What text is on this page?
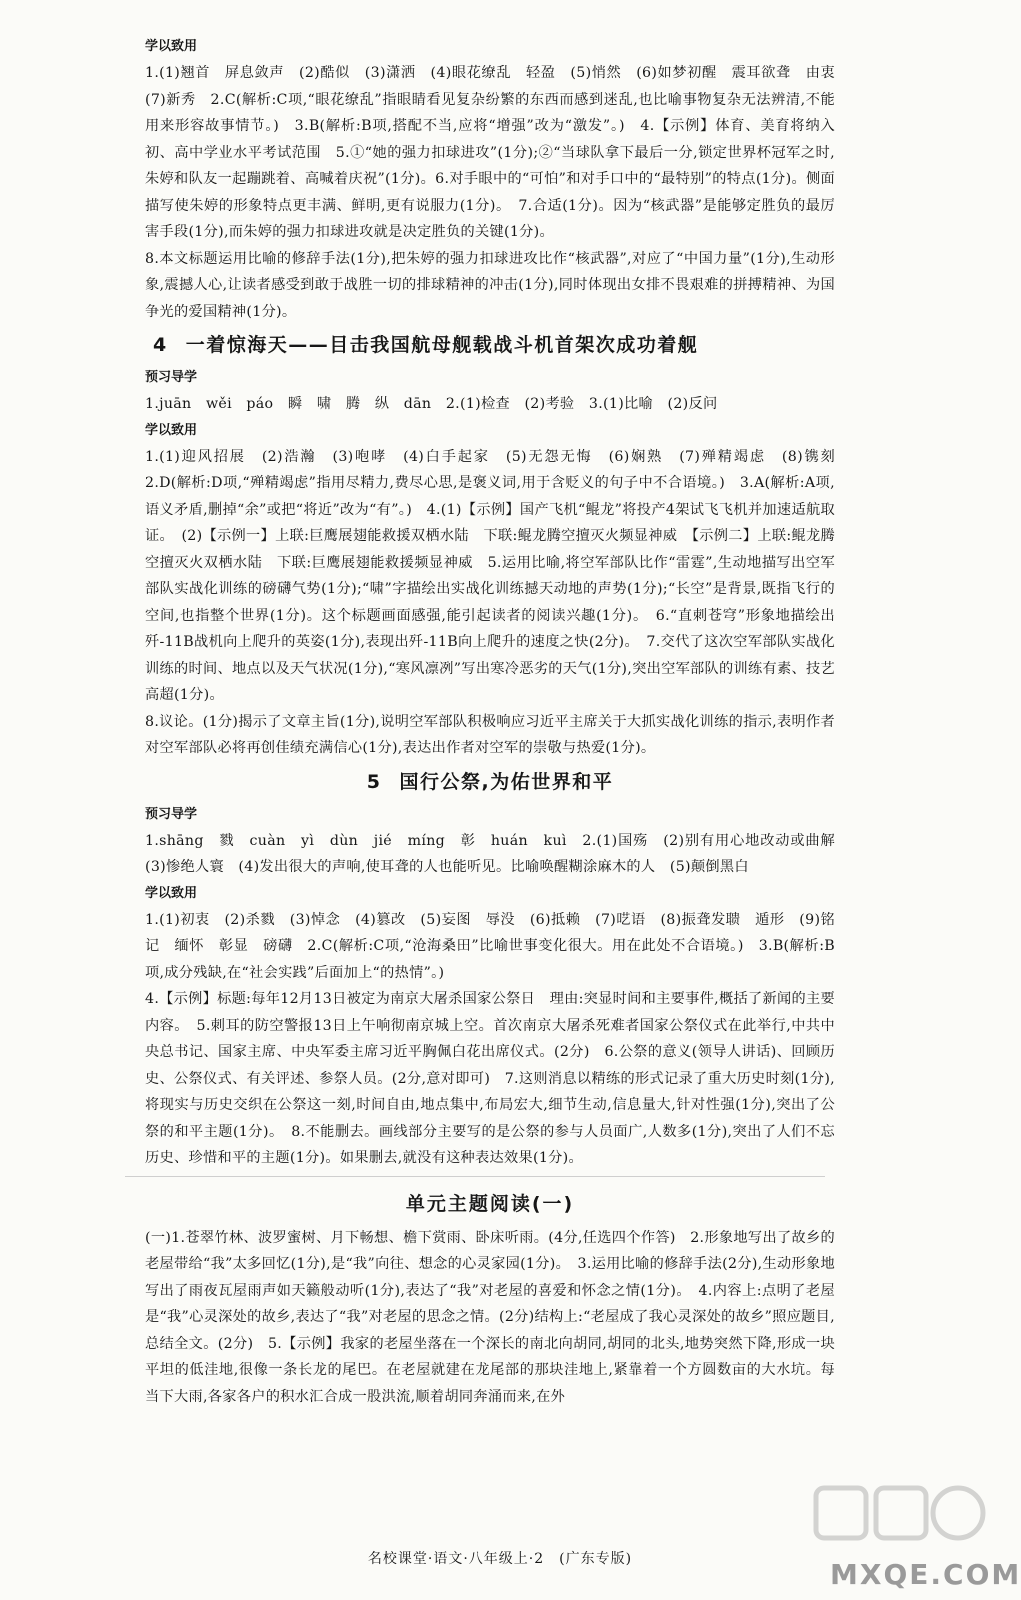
学以致用

1.(1)翘首　屏息敛声　(2)酷似　(3)潇洒　(4)眼花缭乱　轻盈　(5)悄然　(6)如梦初醒　震耳欲聋　由衷　(7)新秀　2.C(解析:C项,“眼花缭乱”指眼睛看见复杂纷繁的东西而感到迷乱,也比喻事物复杂无法辨清,不能用来形容故事情节。)　3.B(解析:B项,搭配不当,应将“增强”改为“激发”。)　4.【示例】体育、美育将纳入初、高中学业水平考试范围　5.①“她的强力扣球进攻”(1分);②“当球队拿下最后一分,锁定世界杯冠军之时,朱婷和队友一起蹦跳着、高喊着庆祝”(1分)。6.对手眼中的“可怕”和对手口中的“最特别”的特点(1分)。侧面描写使朱婷的形象特点更丰满、鲜明,更有说服力(1分)。　7.合适(1分)。因为“核武器”是能够定胜负的最厉害手段(1分),而朱婷的强力扣球进攻就是决定胜负的关键(1分)。

8.本文标题运用比喻的修辞手法(1分),把朱婷的强力扣球进攻比作“核武器”,对应了“中国力量”(1分),生动形象,震撼人心,让读者感受到敢于战胜一切的排球精神的冲击(1分),同时体现出女排不畏艰难的拼搏精神、为国争光的爱国精神(1分)。

4 一着惊海天——目击我国航母舰载战斗机首架次成功着舰

预习导学

1.juān　wěi　páo　瞬　啸　腾　纵　dān　2.(1)检查　(2)考验　3.(1)比喻　(2)反问

学以致用

1.(1)迎风招展　(2)浩瀚　(3)咆哮　(4)白手起家　(5)无怨无悔　(6)娴熟　(7)殚精竭虑　(8)镌刻　2.D(解析:D项,“殚精竭虑”指用尽精力,费尽心思,是褒义词,用于含贬义的句子中不合语境。)　3.A(解析:A项,语义矛盾,删掉“余”或把“将近”改为“有”。)　4.(1)【示例】国产飞机“鲲龙”将投产4架试飞飞机并加速适航取证。　(2)【示例一】上联:巨鹰展翅能救援双栖水陆　下联:鲲龙腾空擅灭火频显神威　【示例二】上联:鲲龙腾空擅灭火双栖水陆　下联:巨鹰展翅能救援频显神威　5.运用比喻,将空军部队比作“雷霆”,生动地描写出空军部队实战化训练的磅礴气势(1分);“啸”字描绘出实战化训练撼天动地的声势(1分);“长空”是背景,既指飞行的空间,也指整个世界(1分)。这个标题画面感强,能引起读者的阅读兴趣(1分)。　6.“直刺苍穹”形象地描绘出歼-11B战机向上爬升的英姿(1分),表现出歼-11B向上爬升的速度之快(2分)。　7.交代了这次空军部队实战化训练的时间、地点以及天气状况(1分),“寒风凛冽”写出寒冷恶劣的天气(1分),突出空军部队的训练有素、技艺高超(1分)。

8.议论。(1分)揭示了文章主旨(1分),说明空军部队积极响应习近平主席关于大抓实战化训练的指示,表明作者对空军部队必将再创佳绩充满信心(1分),表达出作者对空军的崇敬与热爱(1分)。

5 国行公祭,为佑世界和平

预习导学

1.shāng　戮　cuàn　yì　dùn　jié　míng　彰　huán　kuì　2.(1)国殇　(2)别有用心地改动或曲解　(3)惨绝人寰　(4)发出很大的声响,使耳聋的人也能听见。比喻唤醒糊涂麻木的人　(5)颠倒黑白

学以致用

1.(1)初衷　(2)杀戮　(3)悼念　(4)篡改　(5)妄图　辱没　(6)抵赖　(7)呓语　(8)振聋发聩　遁形　(9)铭记　缅怀　彰显　磅礴　2.C(解析:C项,“沧海桑田”比喻世事变化很大。用在此处不合语境。)　3.B(解析:B项,成分残缺,在“社会实践”后面加上“的热情”。)

4.【示例】标题:每年12月13日被定为南京大屠杀国家公祭日　理由:突显时间和主要事件,概括了新闻的主要内容。　5.刺耳的防空警报13日上午响彻南京城上空。首次南京大屠杀死难者国家公祭仪式在此举行,中共中央总书记、国家主席、中央军委主席习近平胸佩白花出席仪式。(2分)　6.公祭的意义(领导人讲话)、回顾历史、公祭仪式、有关评述、参祭人员。(2分,意对即可)　7.这则消息以精练的形式记录了重大历史时刻(1分),将现实与历史交织在公祭这一刻,时间自由,地点集中,布局宏大,细节生动,信息量大,针对性强(1分),突出了公祭的和平主题(1分)。　8.不能删去。画线部分主要写的是公祭的参与人员面广,人数多(1分),突出了人们不忘历史、珍惜和平的主题(1分)。如果删去,就没有这种表达效果(1分)。

单元主题阅读(一)

(一)1.苍翠竹林、波罗蜜树、月下畅想、檐下赏雨、卧床听雨。(4分,任选四个作答)　2.形象地写出了故乡的老屋带给“我”太多回忆(1分),是“我”向往、想念的心灵家园(1分)。　3.运用比喻的修辞手法(2分),生动形象地写出了雨夜瓦屋雨声如天籁般动听(1分),表达了“我”对老屋的喜爱和怀念之情(1分)。　4.内容上:点明了老屋是“我”心灵深处的故乡,表达了“我”对老屋的思念之情。(2分)结构上:“老屋成了我心灵深处的故乡”照应题目,总结全文。(2分)　5.【示例】我家的老屋坐落在一个深长的南北向胡同,胡同的北头,地势突然下降,形成一块平坦的低洼地,很像一条长龙的尾巴。在老屋就建在龙尾部的那块洼地上,紧靠着一个方圆数亩的大水坑。每当下大雨,各家各户的积水汇合成一股洪流,顺着胡同奔涌而来,在外

名校课堂·语文·八年级上·2　(广东专版)	MXQE.COM
